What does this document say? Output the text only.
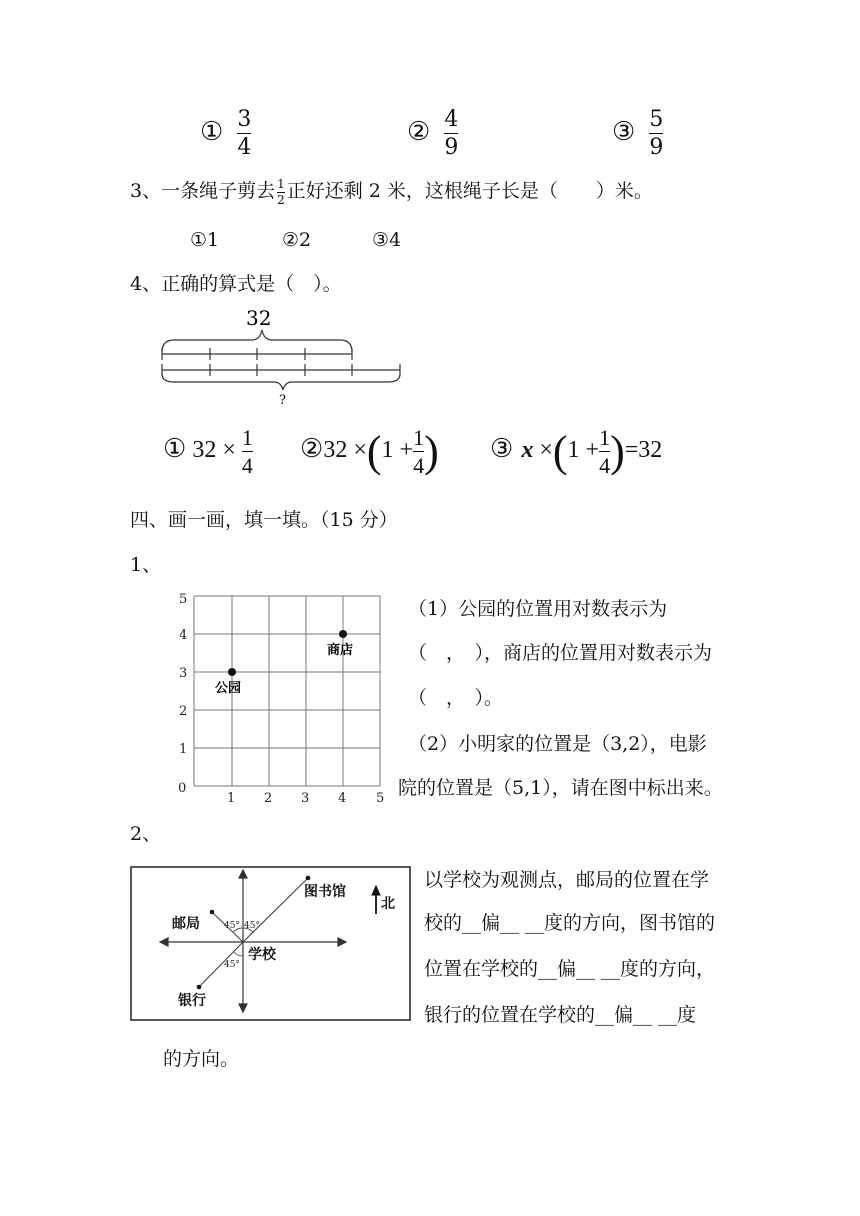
① $\frac{3}{4}$	② $\frac{4}{9}$	③ $\frac{5}{9}$
3、一条绳子剪去 $\frac{1}{2}$ 正好还剩 2 米，这根绳子长是（　　）米。
①1	②2	③4
4、正确的算式是（　）。
32
?
① $32 \times \frac{1}{4}$ ②32 $\times(1 + \frac{1}{4}$ ) ③ $x \times(1 + \frac{1}{4} )=32$
四、画一画，填一填。（15 分）
1、
0
1 2 3 4 5
1
2
3
4
5
公园
商店
（1）公园的位置用对数表示为
（　，　），商店的位置用对数表示为
（　，　）。
（2）小明家的位置是（3,2），电影
院的位置是（5,1），请在图中标出来。
2、
45° 45°
45°
图书馆
邮局
学校
银行
北
以学校为观测点，邮局的位置在学
校的__偏__ __度的方向，图书馆的
位置在学校的__偏__ __度的方向，
银行的位置在学校的__偏__ __度
的方向。
